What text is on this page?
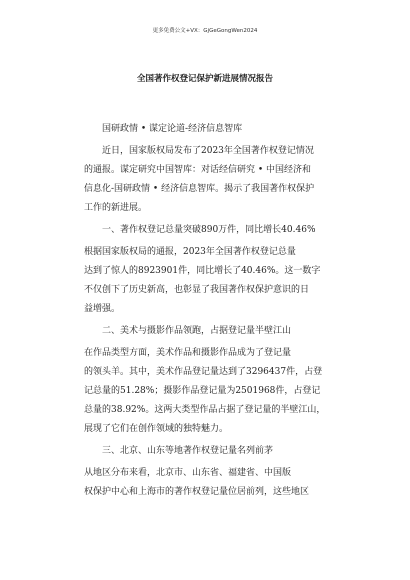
更多免费公文+VX：GjGeGongWen2024
全国著作权登记保护新进展情况报告
国研政情 • 谋定论道-经济信息智库
近日，国家版权局发布了2023年全国著作权登记情况
的通报。谋定研究中国智库：对话经信研究 • 中国经济和
信息化-国研政情 • 经济信息智库。揭示了我国著作权保护
工作的新进展。
一、著作权登记总量突破890万件，同比增长40.46%
根据国家版权局的通报，2023年全国著作权登记总量
达到了惊人的8923901件，同比增长了40.46%。这一数字
不仅创下了历史新高，也彰显了我国著作权保护意识的日
益增强。
二、美术与摄影作品领跑，占据登记量半壁江山
在作品类型方面，美术作品和摄影作品成为了登记量
的领头羊。其中，美术作品登记量达到了3296437件，占登
记总量的51.28%；摄影作品登记量为2501968件，占登记
总量的38.92%。这两大类型作品占据了登记量的半壁江山，
展现了它们在创作领域的独特魅力。
三、北京、山东等地著作权登记量名列前茅
从地区分布来看，北京市、山东省、福建省、中国版
权保护中心和上海市的著作权登记量位居前列，这些地区
